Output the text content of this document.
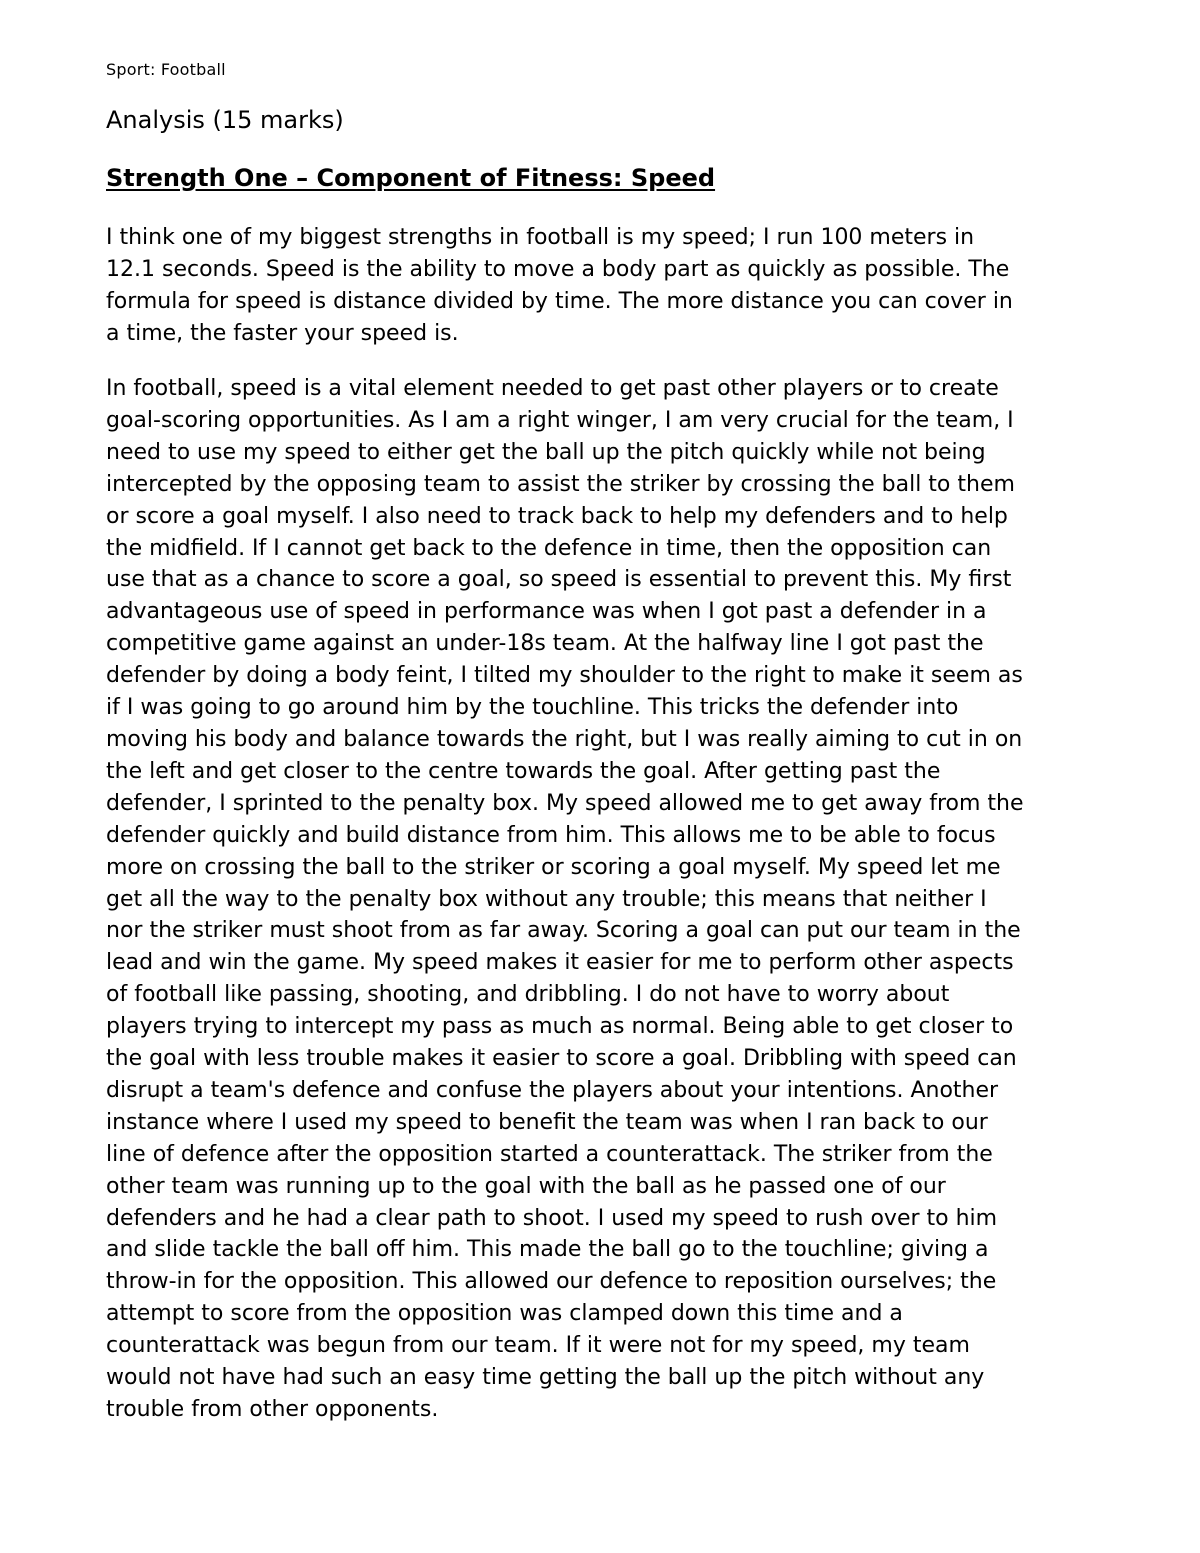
Sport: Football
Analysis (15 marks)
Strength One – Component of Fitness: Speed

I think one of my biggest strengths in football is my speed; I run 100 meters in
12.1 seconds. Speed is the ability to move a body part as quickly as possible. The
formula for speed is distance divided by time. The more distance you can cover in
a time, the faster your speed is.

In football, speed is a vital element needed to get past other players or to create
goal-scoring opportunities. As I am a right winger, I am very crucial for the team, I
need to use my speed to either get the ball up the pitch quickly while not being
intercepted by the opposing team to assist the striker by crossing the ball to them
or score a goal myself. I also need to track back to help my defenders and to help
the midfield. If I cannot get back to the defence in time, then the opposition can
use that as a chance to score a goal, so speed is essential to prevent this. My first
advantageous use of speed in performance was when I got past a defender in a
competitive game against an under-18s team. At the halfway line I got past the
defender by doing a body feint, I tilted my shoulder to the right to make it seem as
if I was going to go around him by the touchline. This tricks the defender into
moving his body and balance towards the right, but I was really aiming to cut in on
the left and get closer to the centre towards the goal. After getting past the
defender, I sprinted to the penalty box. My speed allowed me to get away from the
defender quickly and build distance from him. This allows me to be able to focus
more on crossing the ball to the striker or scoring a goal myself. My speed let me
get all the way to the penalty box without any trouble; this means that neither I
nor the striker must shoot from as far away. Scoring a goal can put our team in the
lead and win the game. My speed makes it easier for me to perform other aspects
of football like passing, shooting, and dribbling. I do not have to worry about
players trying to intercept my pass as much as normal. Being able to get closer to
the goal with less trouble makes it easier to score a goal. Dribbling with speed can
disrupt a team's defence and confuse the players about your intentions. Another
instance where I used my speed to benefit the team was when I ran back to our
line of defence after the opposition started a counterattack. The striker from the
other team was running up to the goal with the ball as he passed one of our
defenders and he had a clear path to shoot. I used my speed to rush over to him
and slide tackle the ball off him. This made the ball go to the touchline; giving a
throw-in for the opposition. This allowed our defence to reposition ourselves; the
attempt to score from the opposition was clamped down this time and a
counterattack was begun from our team. If it were not for my speed, my team
would not have had such an easy time getting the ball up the pitch without any
trouble from other opponents.
